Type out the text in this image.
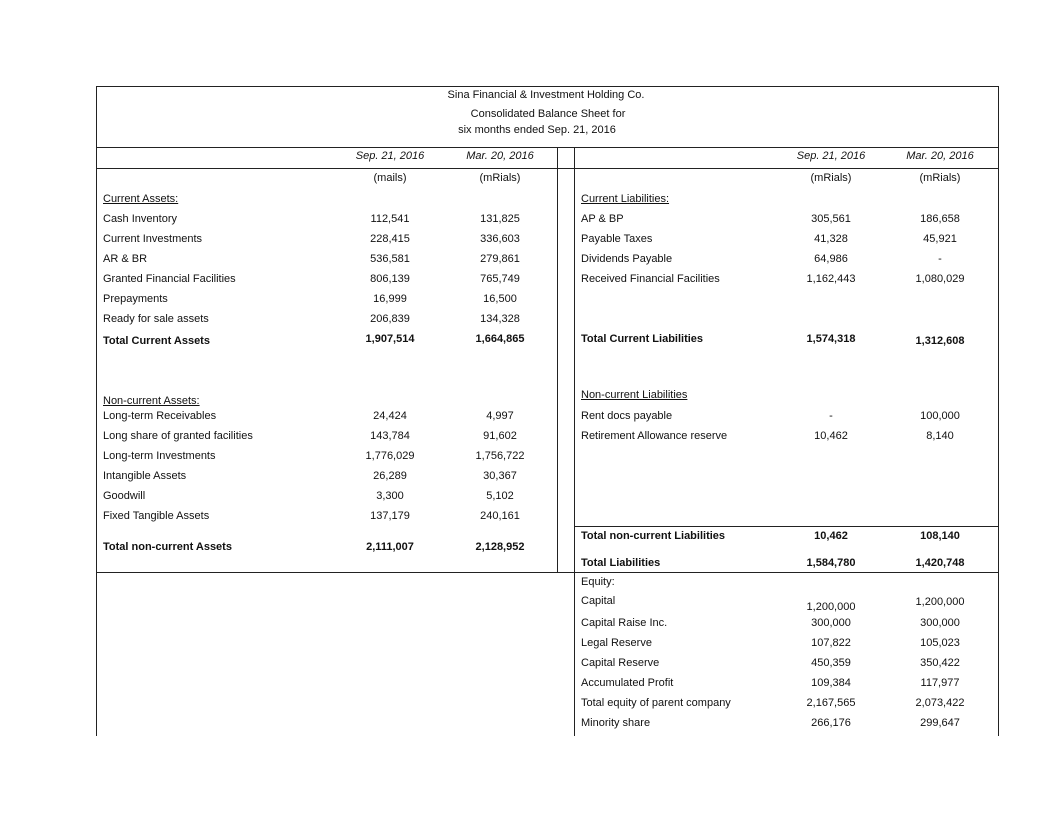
Sina Financial & Investment Holding Co.
Consolidated Balance Sheet for
six months ended Sep. 21, 2016
Sep. 21, 2016	Mar. 20, 2016
(mails)	(mRials)
Sep. 21, 2016	Mar. 20, 2016
(mRials)	(mRials)
Current Assets:
Cash Inventory	112,541	131,825
Current Investments	228,415	336,603
AR & BR	536,581	279,861
Granted Financial Facilities	806,139	765,749
Prepayments	16,999	16,500
Ready for sale assets	206,839	134,328
Total Current Assets	1,907,514	1,664,865
Non-current Assets:
Long-term Receivables	24,424	4,997
Long share of granted facilities	143,784	91,602
Long-term Investments	1,776,029	1,756,722
Intangible Assets	26,289	30,367
Goodwill	3,300	5,102
Fixed Tangible Assets	137,179	240,161
Total non-current Assets	2,111,007	2,128,952
Current Liabilities:
AP & BP	305,561	186,658
Payable Taxes	41,328	45,921
Dividends Payable	64,986	-
Received Financial Facilities	1,162,443	1,080,029
Total Current Liabilities	1,574,318	1,312,608
Non-current Liabilities
Rent docs payable	-	100,000
Retirement Allowance reserve	10,462	8,140
Total non-current Liabilities	10,462	108,140
Total Liabilities	1,584,780	1,420,748
Equity:
Capital	1,200,000	1,200,000
Capital Raise Inc.	300,000	300,000
Legal Reserve	107,822	105,023
Capital Reserve	450,359	350,422
Accumulated Profit	109,384	117,977
Total equity of parent company	2,167,565	2,073,422
Minority share	266,176	299,647
